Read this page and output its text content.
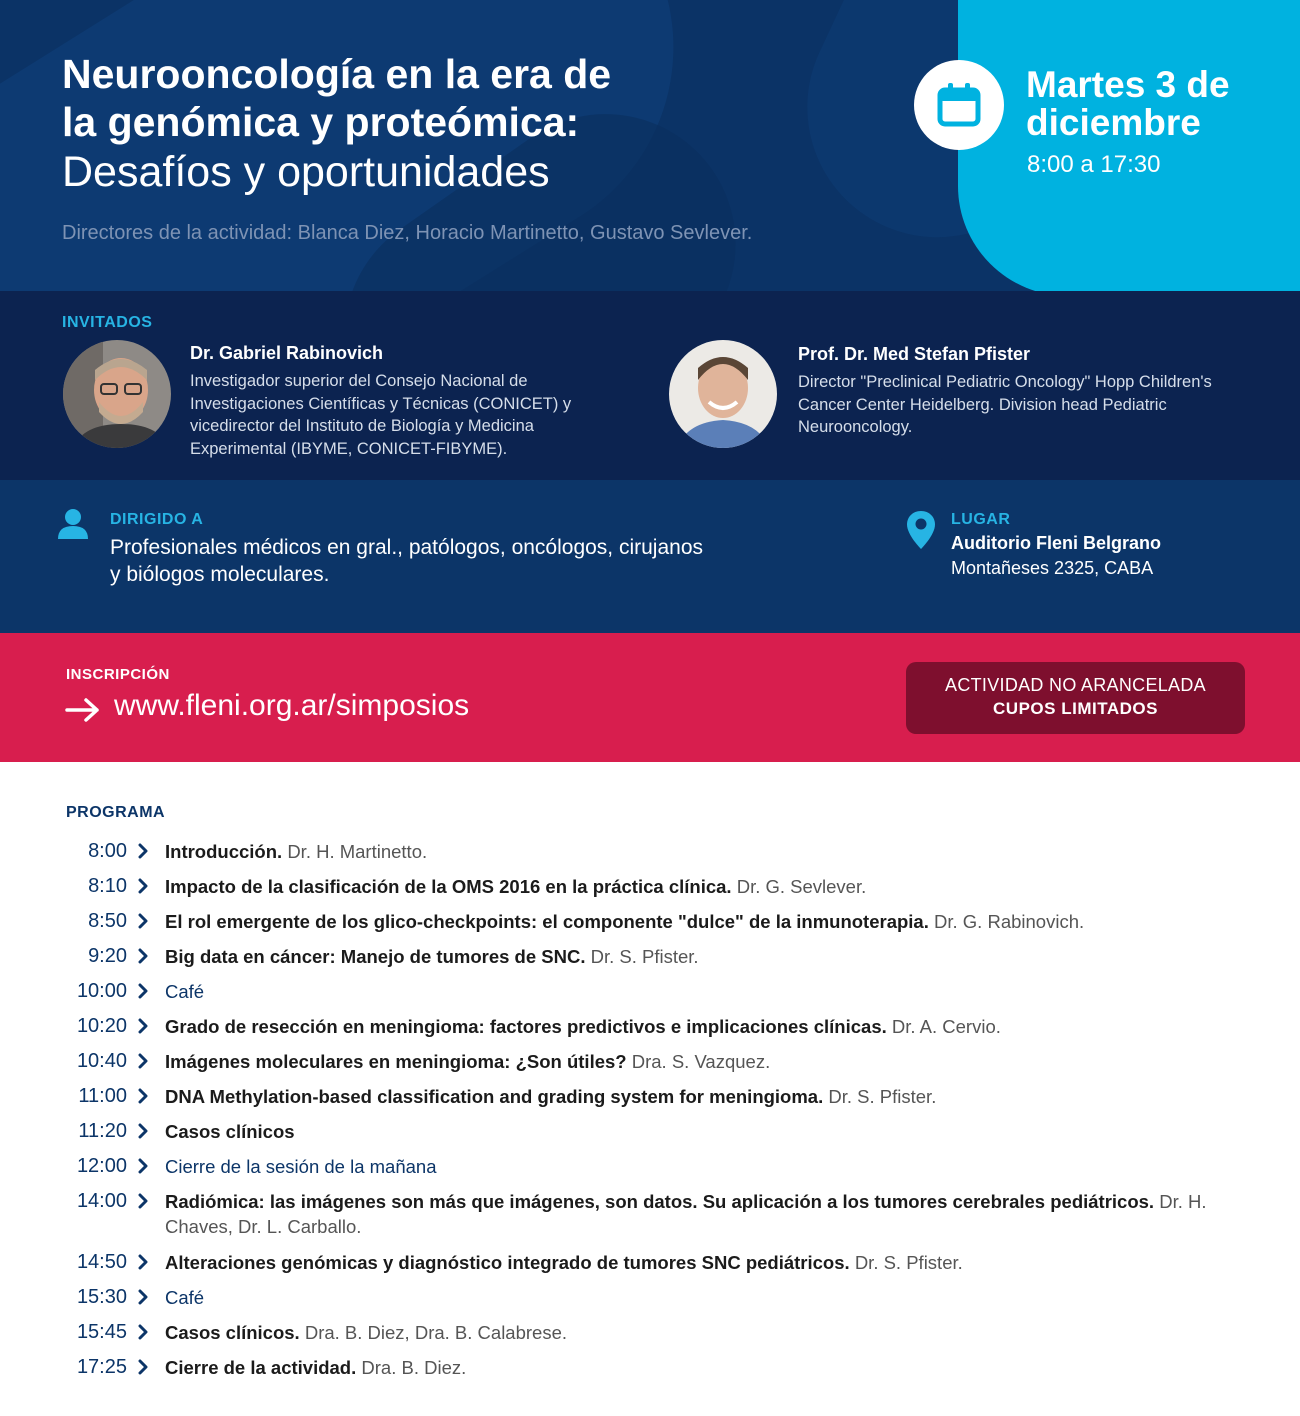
Neurooncología en la era de
la genómica y proteómica:
Desafíos y oportunidades
Directores de la actividad: Blanca Diez, Horacio Martinetto, Gustavo Sevlever.
Martes 3 de
diciembre
8:00 a 17:30
INVITADOS
Dr. Gabriel Rabinovich
Investigador superior del Consejo Nacional de Investigaciones Científicas y Técnicas (CONICET) y vicedirector del Instituto de Biología y Medicina Experimental (IBYME, CONICET-FIBYME).
Prof. Dr. Med Stefan Pfister
Director "Preclinical Pediatric Oncology" Hopp Children's Cancer Center Heidelberg. Division head Pediatric Neurooncology.
DIRIGIDO A
Profesionales médicos en gral., patólogos, oncólogos, cirujanos y biólogos moleculares.
LUGAR
Auditorio Fleni Belgrano
Montañeses 2325, CABA
INSCRIPCIÓN
www.fleni.org.ar/simposios
ACTIVIDAD NO ARANCELADA
CUPOS LIMITADOS
PROGRAMA
8:00 Introducción. Dr. H. Martinetto.
8:10 Impacto de la clasificación de la OMS 2016 en la práctica clínica. Dr. G. Sevlever.
8:50 El rol emergente de los glico-checkpoints: el componente "dulce" de la inmunoterapia. Dr. G. Rabinovich.
9:20 Big data en cáncer: Manejo de tumores de SNC. Dr. S. Pfister.
10:00 Café
10:20 Grado de resección en meningioma: factores predictivos e implicaciones clínicas. Dr. A. Cervio.
10:40 Imágenes moleculares en meningioma: ¿Son útiles? Dra. S. Vazquez.
11:00 DNA Methylation-based classification and grading system for meningioma. Dr. S. Pfister.
11:20 Casos clínicos
12:00 Cierre de la sesión de la mañana
14:00 Radiómica: las imágenes son más que imágenes, son datos. Su aplicación a los tumores cerebrales pediátricos. Dr. H. Chaves, Dr. L. Carballo.
14:50 Alteraciones genómicas y diagnóstico integrado de tumores SNC pediátricos. Dr. S. Pfister.
15:30 Café
15:45 Casos clínicos. Dra. B. Diez, Dra. B. Calabrese.
17:25 Cierre de la actividad. Dra. B. Diez.
